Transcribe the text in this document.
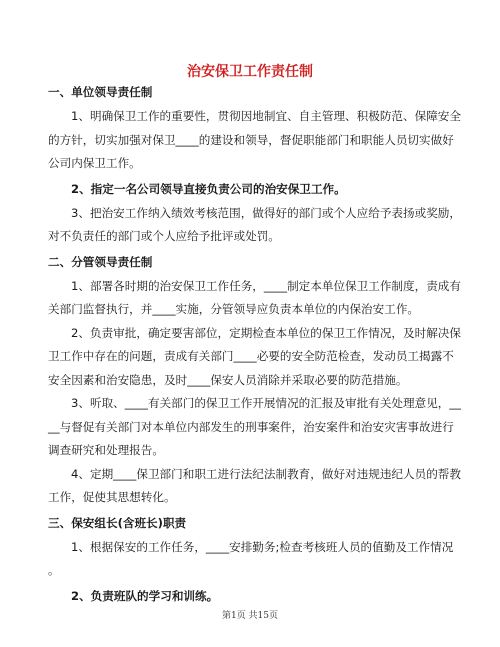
治安保卫工作责任制
一、单位领导责任制
1、明确保卫工作的重要性，贯彻因地制宜、自主管理、积极防范、保障安全
的方针，切实加强对保卫____的建设和领导，督促职能部门和职能人员切实做好
公司内保卫工作。
2、指定一名公司领导直接负责公司的治安保卫工作。
3、把治安工作纳入绩效考核范围，做得好的部门或个人应给予表扬或奖励，
对不负责任的部门或个人应给予批评或处罚。
二、分管领导责任制
1、部署各时期的治安保卫工作任务，____制定本单位保卫工作制度，责成有
关部门监督执行，并____实施，分管领导应负责本单位的内保治安工作。
2、负责审批，确定要害部位，定期检查本单位的保卫工作情况，及时解决保
卫工作中存在的问题，责成有关部门____必要的安全防范检查，发动员工揭露不
安全因素和治安隐患，及时____保安人员消除并采取必要的防范措施。
3、听取、____有关部门的保卫工作开展情况的汇报及审批有关处理意见，__
__与督促有关部门对本单位内部发生的刑事案件，治安案件和治安灾害事故进行
调查研究和处理报告。
4、定期____保卫部门和职工进行法纪法制教育，做好对违规违纪人员的帮教
工作，促使其思想转化。
三、保安组长(含班长)职责
1、根据保安的工作任务，____安排勤务;检查考核班人员的值勤及工作情况
。
2、负责班队的学习和训练。
第1页 共15页
